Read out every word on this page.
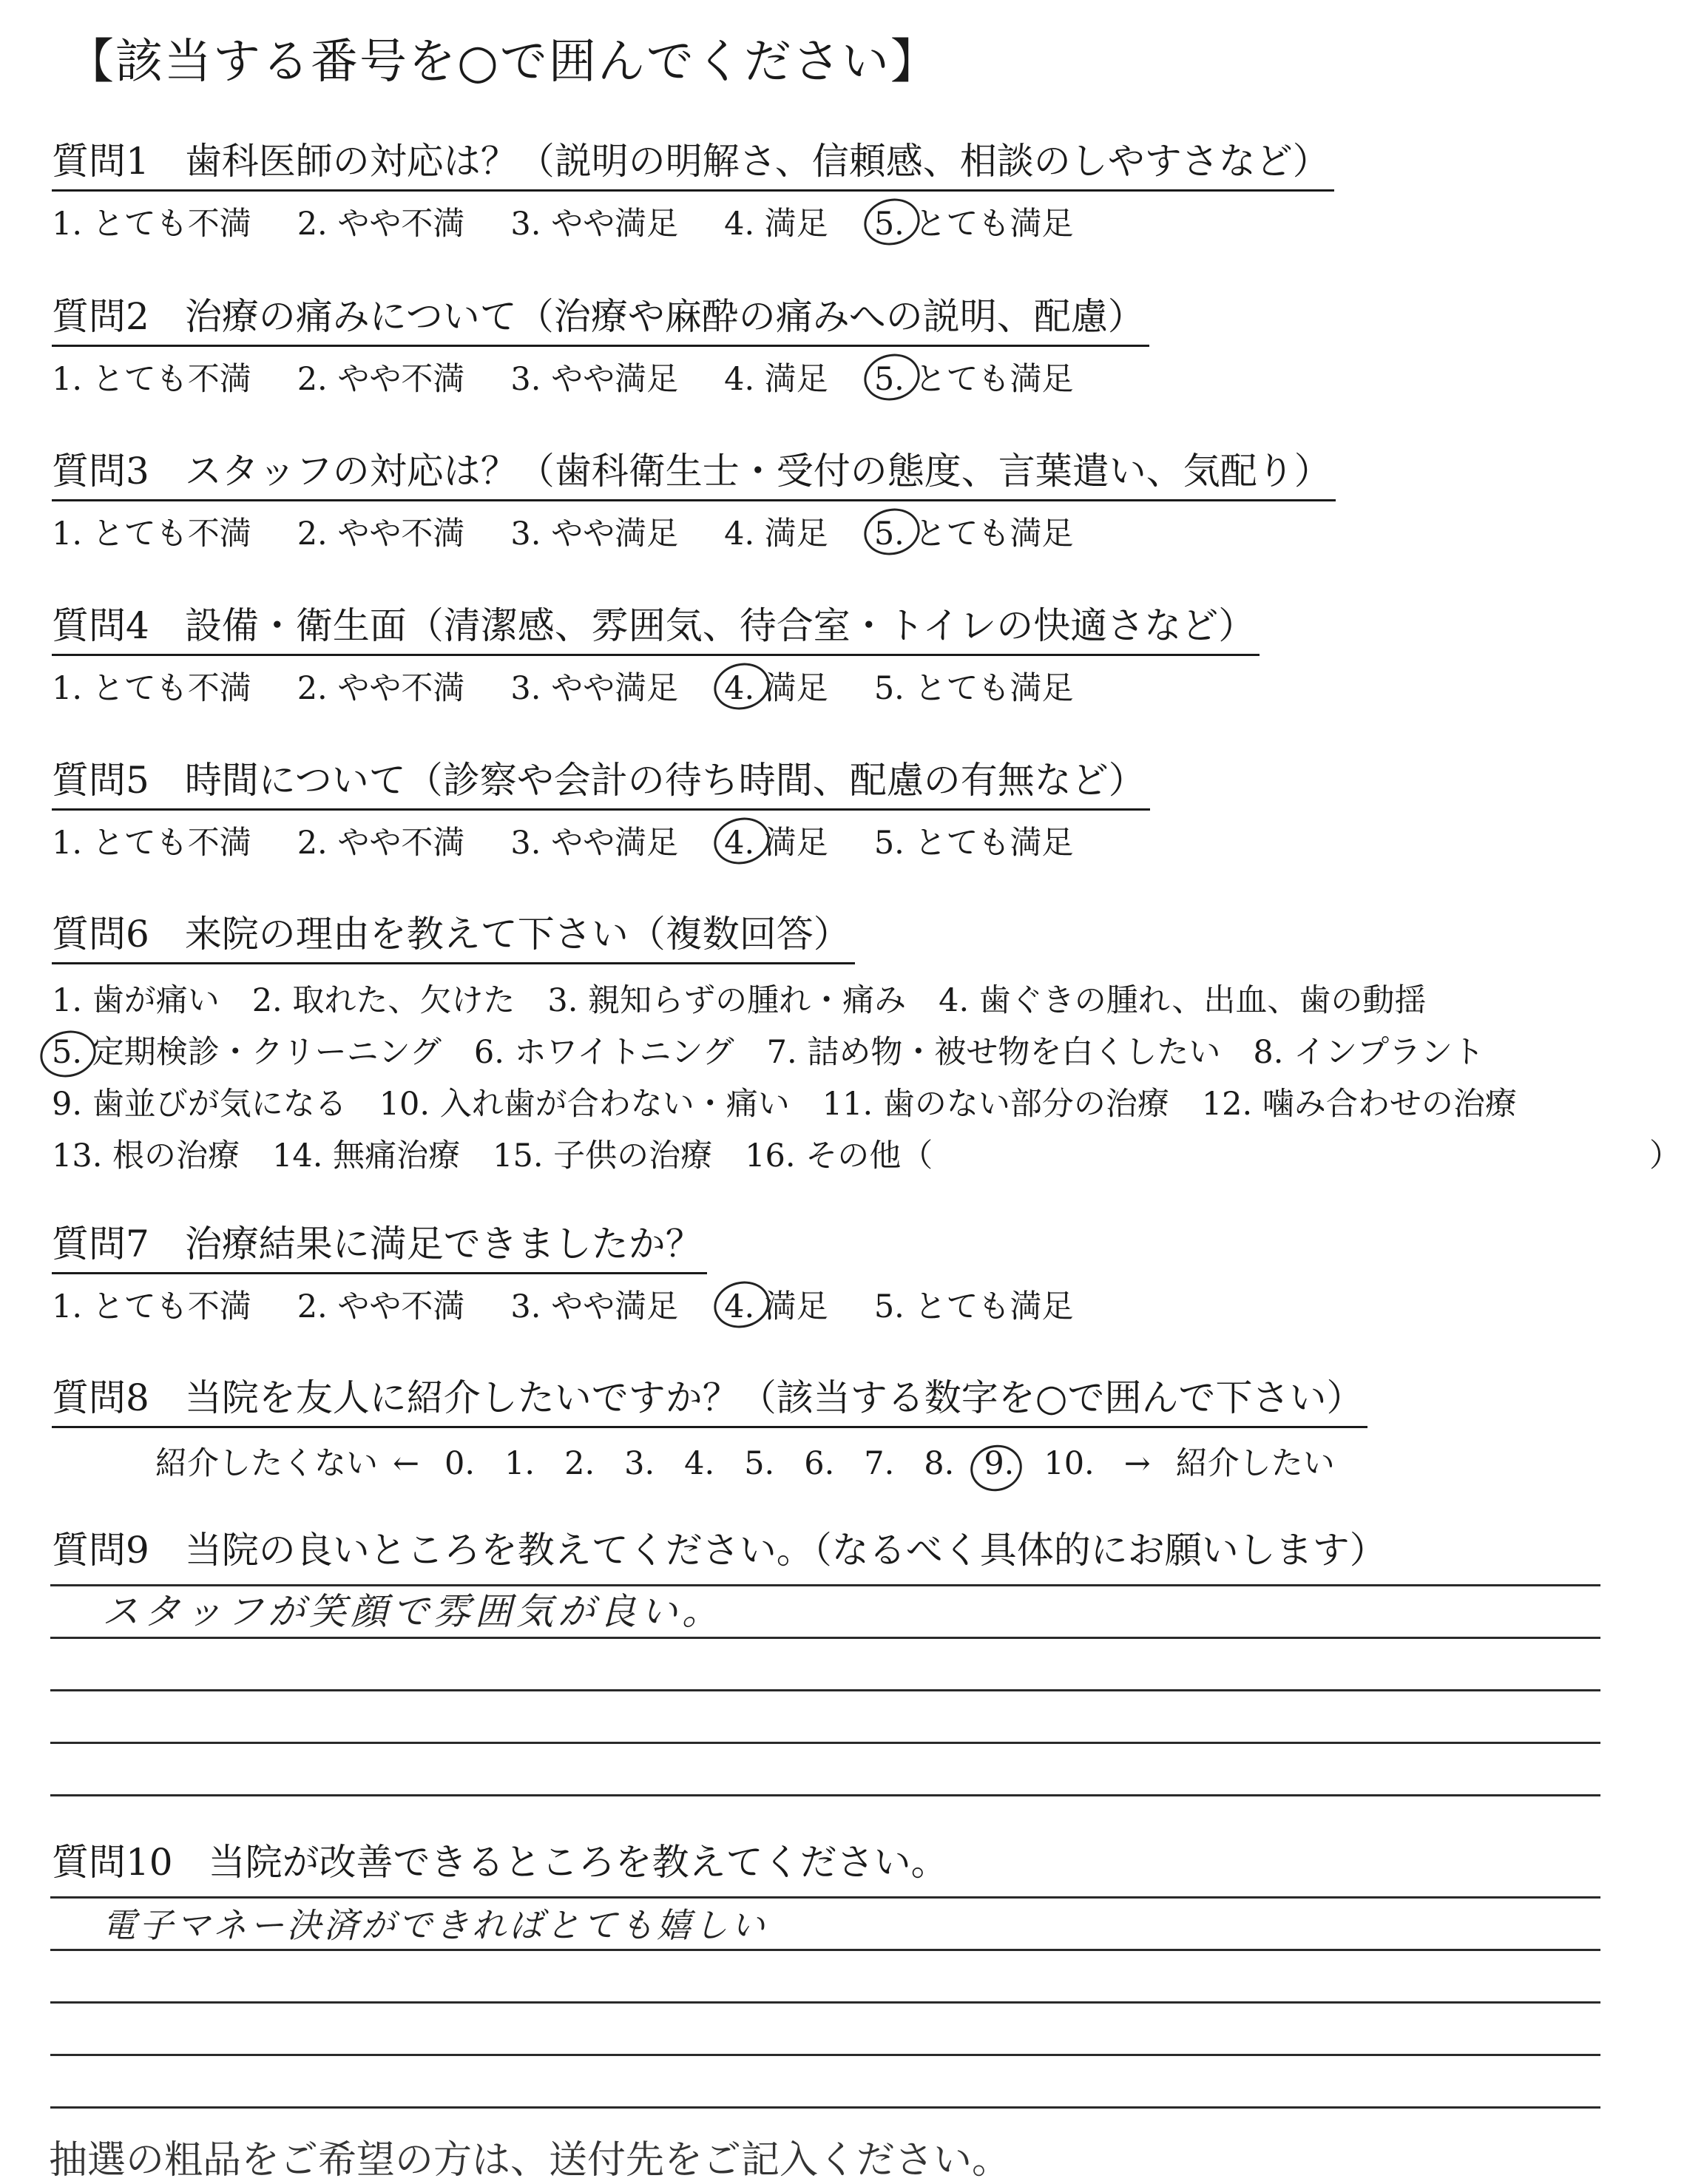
【該当する番号を○で囲んでください】
質問1 歯科医師の対応は？（説明の明解さ、信頼感、相談のしやすさなど）
1. とても不満 2. やや不満 3. やや満足 4. 満足 5. とても満足
質問2 治療の痛みについて（治療や麻酔の痛みへの説明、配慮）
1. とても不満 2. やや不満 3. やや満足 4. 満足 5. とても満足
質問3 スタッフの対応は？（歯科衛生士・受付の態度、言葉遣い、気配り）
1. とても不満 2. やや不満 3. やや満足 4. 満足 5. とても満足
質問4 設備・衛生面（清潔感、雰囲気、待合室・トイレの快適さなど）
1. とても不満 2. やや不満 3. やや満足 4. 満足 5. とても満足
質問5 時間について（診察や会計の待ち時間、配慮の有無など）
1. とても不満 2. やや不満 3. やや満足 4. 満足 5. とても満足
質問6 来院の理由を教えて下さい（複数回答）
1. 歯が痛い 2. 取れた、欠けた 3. 親知らずの腫れ・痛み 4. 歯ぐきの腫れ、出血、歯の動揺
5. 定期検診・クリーニング 6. ホワイトニング 7. 詰め物・被せ物を白くしたい 8. インプラント
9. 歯並びが気になる 10. 入れ歯が合わない・痛い 11. 歯のない部分の治療 12. 噛み合わせの治療
13. 根の治療 14. 無痛治療 15. 子供の治療 16. その他（	）
質問7 治療結果に満足できましたか？
1. とても不満 2. やや不満 3. やや満足 4. 満足 5. とても満足
質問8 当院を友人に紹介したいですか？（該当する数字を○で囲んで下さい）
紹介したくない ← 0. 1. 2. 3. 4. 5. 6. 7. 8. 9. 10. → 紹介したい
質問9 当院の良いところを教えてください。（なるべく具体的にお願いします）
スタッフが笑顔で雰囲気が良い。
質問10 当院が改善できるところを教えてください。
電子マネー決済ができればとても嬉しい
抽選の粗品をご希望の方は、送付先をご記入ください。
